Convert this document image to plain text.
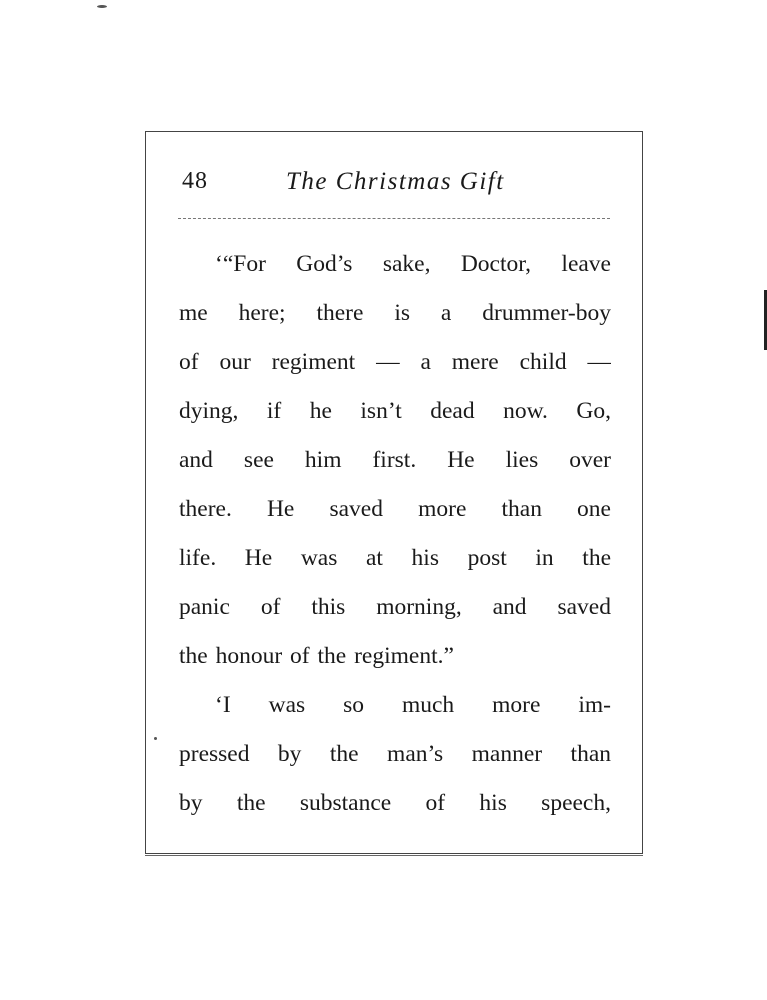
48	The Christmas Gift
‘“For God’s sake, Doctor, leave
me here; there is a drummer-boy
of our regiment — a mere child —
dying, if he isn’t dead now. Go,
and see him first. He lies over
there. He saved more than one
life. He was at his post in the
panic of this morning, and saved
the honour of the regiment.”
‘I was so much more im-
pressed by the man’s manner than
by the substance of his speech,
